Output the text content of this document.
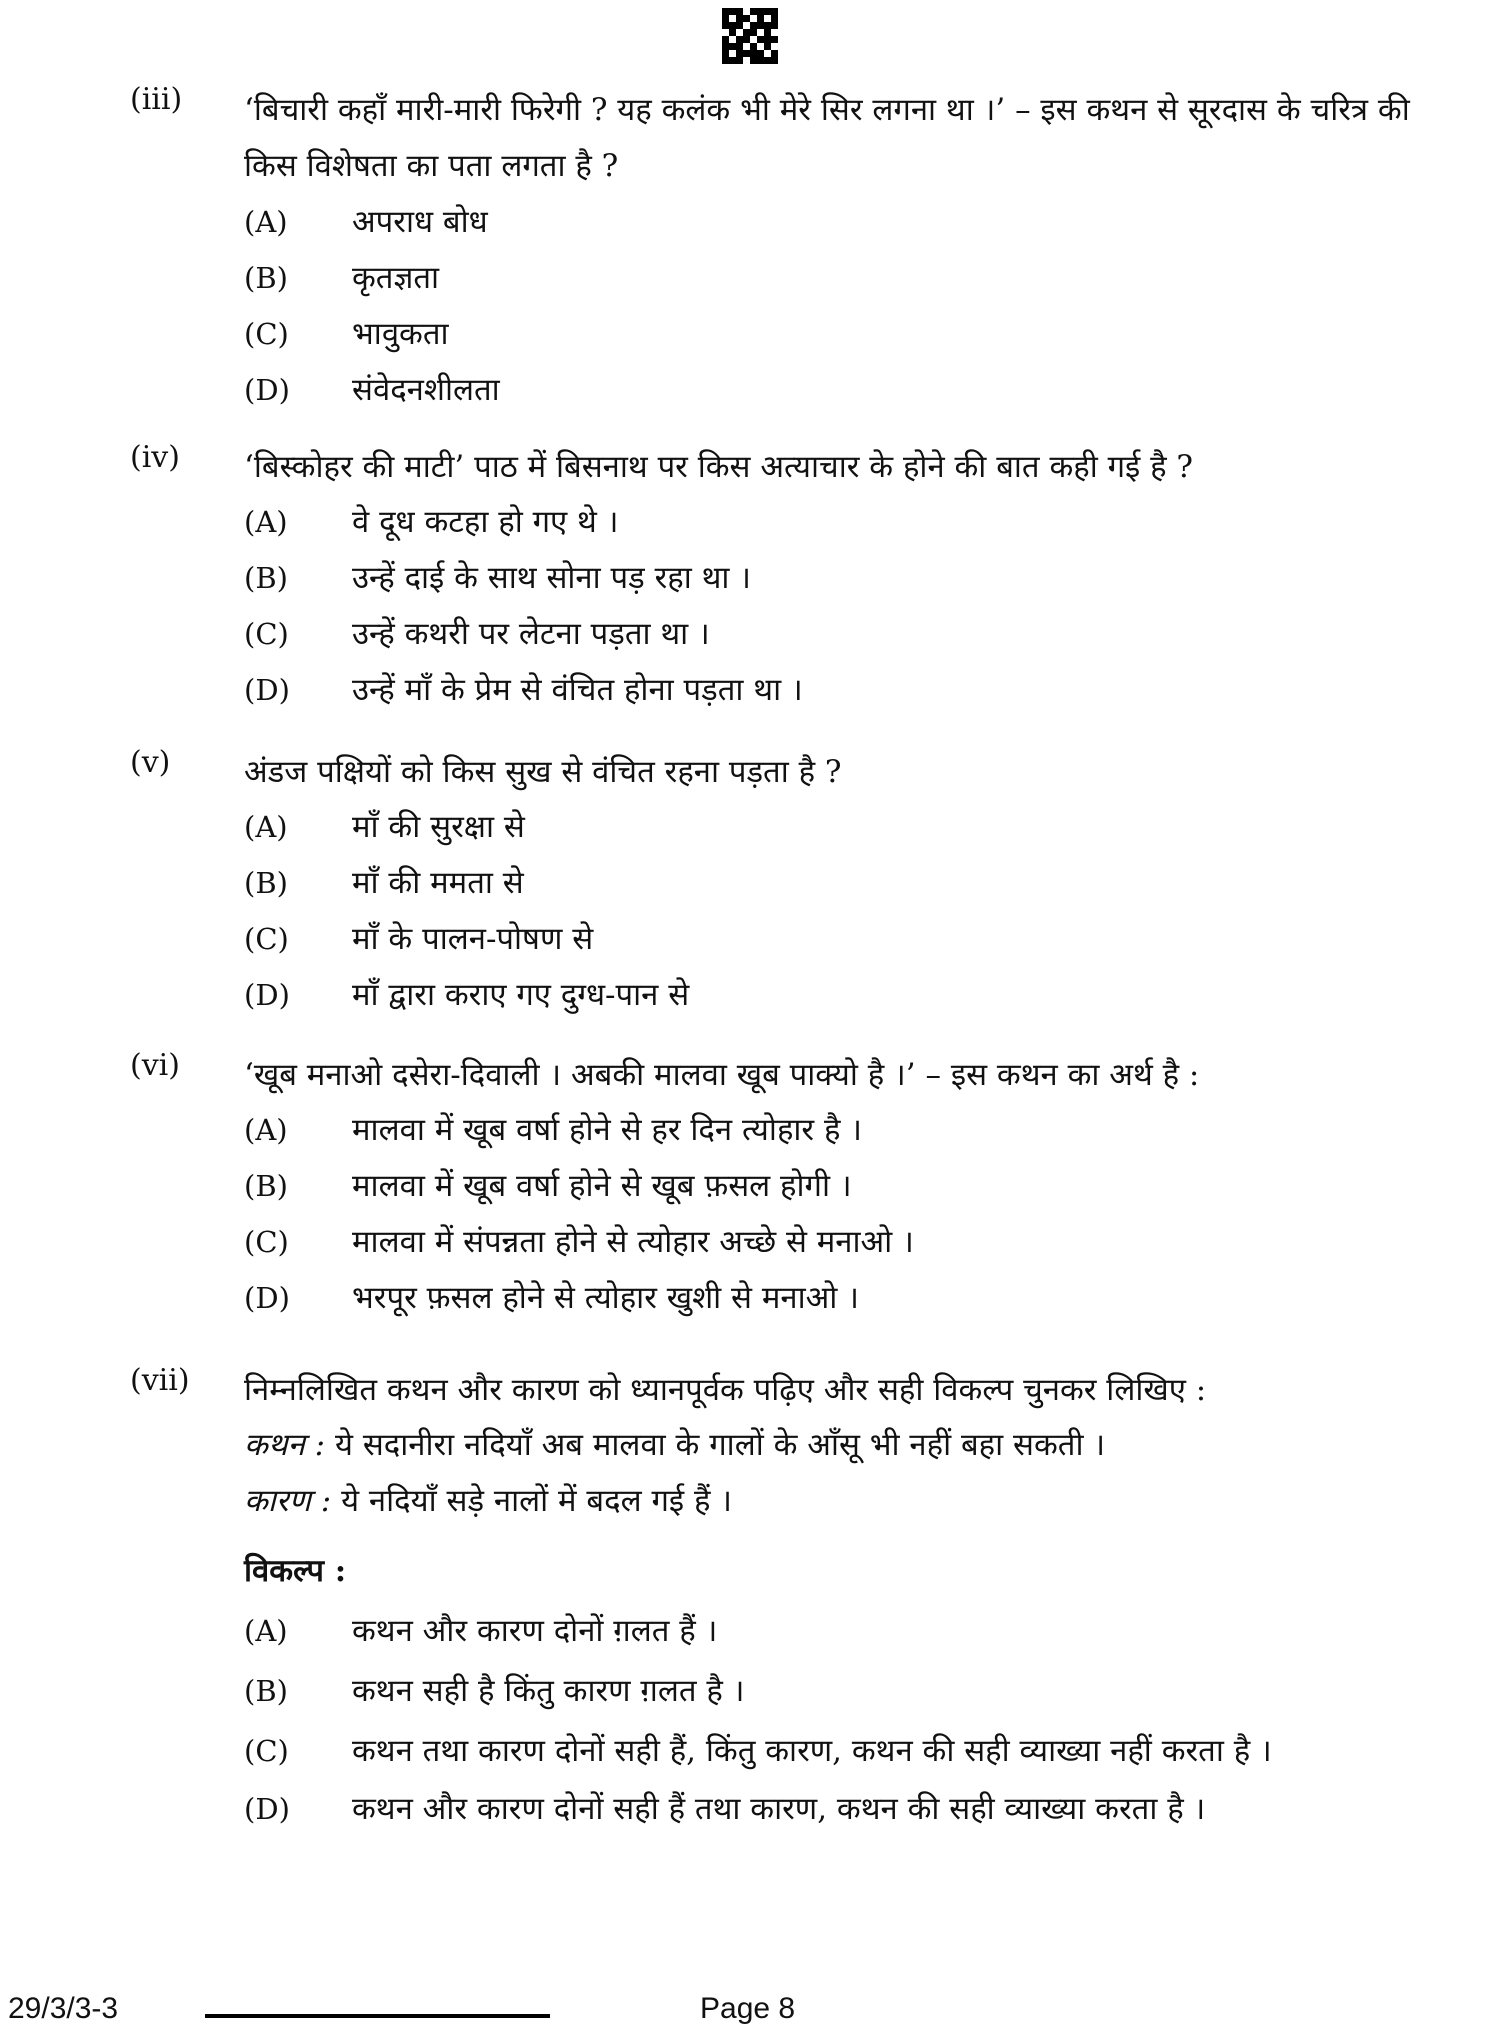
(iii)	‘बिचारी कहाँ मारी-मारी फिरेगी ? यह कलंक भी मेरे सिर लगना था ।’ – इस कथन से सूरदास के चरित्र की किस विशेषता का पता लगता है ?
(A) अपराध बोध
(B) कृतज्ञता
(C) भावुकता
(D) संवेदनशीलता
(iv)	‘बिस्कोहर की माटी’ पाठ में बिसनाथ पर किस अत्याचार के होने की बात कही गई है ?
(A) वे दूध कटहा हो गए थे ।
(B) उन्हें दाई के साथ सोना पड़ रहा था ।
(C) उन्हें कथरी पर लेटना पड़ता था ।
(D) उन्हें माँ के प्रेम से वंचित होना पड़ता था ।
(v)	अंडज पक्षियों को किस सुख से वंचित रहना पड़ता है ?
(A) माँ की सुरक्षा से
(B) माँ की ममता से
(C) माँ के पालन-पोषण से
(D) माँ द्वारा कराए गए दुग्ध-पान से
(vi)	‘खूब मनाओ दसेरा-दिवाली । अबकी मालवा खूब पाक्यो है ।’ – इस कथन का अर्थ है :
(A) मालवा में खूब वर्षा होने से हर दिन त्योहार है ।
(B) मालवा में खूब वर्षा होने से खूब फ़सल होगी ।
(C) मालवा में संपन्नता होने से त्योहार अच्छे से मनाओ ।
(D) भरपूर फ़सल होने से त्योहार खुशी से मनाओ ।
(vii)	निम्नलिखित कथन और कारण को ध्यानपूर्वक पढ़िए और सही विकल्प चुनकर लिखिए :
कथन : ये सदानीरा नदियाँ अब मालवा के गालों के आँसू भी नहीं बहा सकती ।
कारण : ये नदियाँ सड़े नालों में बदल गई हैं ।
विकल्प :
(A) कथन और कारण दोनों ग़लत हैं ।
(B) कथन सही है किंतु कारण ग़लत है ।
(C) कथन तथा कारण दोनों सही हैं, किंतु कारण, कथन की सही व्याख्या नहीं करता है ।
(D) कथन और कारण दोनों सही हैं तथा कारण, कथन की सही व्याख्या करता है ।
29/3/3-3	Page 8
